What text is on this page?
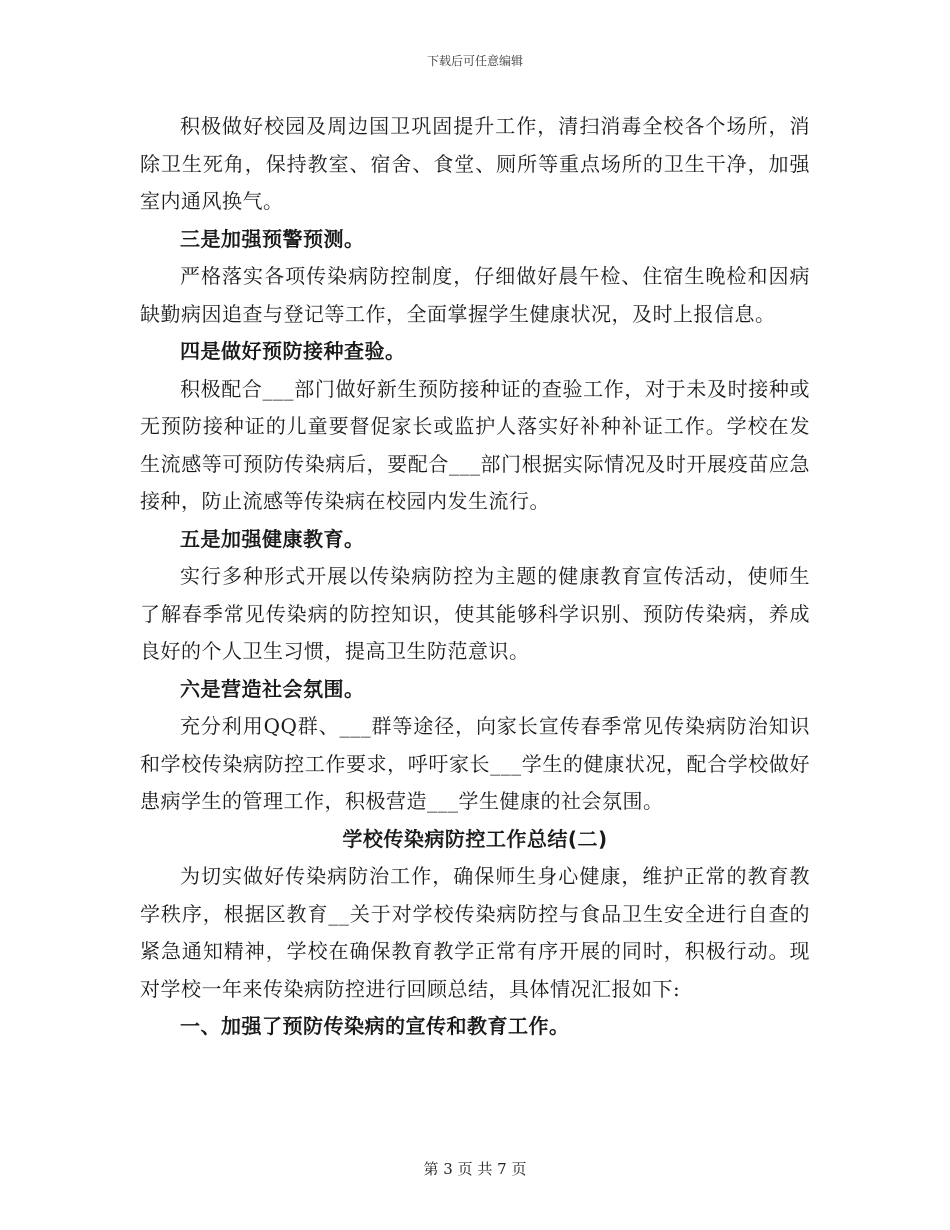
下载后可任意编辑

积极做好校园及周边国卫巩固提升工作，清扫消毒全校各个场所，消除卫生死角，保持教室、宿舍、食堂、厕所等重点场所的卫生干净，加强室内通风换气。

三是加强预警预测。

严格落实各项传染病防控制度，仔细做好晨午检、住宿生晚检和因病缺勤病因追查与登记等工作，全面掌握学生健康状况，及时上报信息。

四是做好预防接种查验。

积极配合___部门做好新生预防接种证的查验工作，对于未及时接种或无预防接种证的儿童要督促家长或监护人落实好补种补证工作。学校在发生流感等可预防传染病后，要配合___部门根据实际情况及时开展疫苗应急接种，防止流感等传染病在校园内发生流行。

五是加强健康教育。

实行多种形式开展以传染病防控为主题的健康教育宣传活动，使师生了解春季常见传染病的防控知识，使其能够科学识别、预防传染病，养成良好的个人卫生习惯，提高卫生防范意识。

六是营造社会氛围。

充分利用QQ群、___群等途径，向家长宣传春季常见传染病防治知识和学校传染病防控工作要求，呼吁家长___学生的健康状况，配合学校做好患病学生的管理工作，积极营造___学生健康的社会氛围。

学校传染病防控工作总结(二)

为切实做好传染病防治工作，确保师生身心健康，维护正常的教育教学秩序，根据区教育__关于对学校传染病防控与食品卫生安全进行自查的紧急通知精神，学校在确保教育教学正常有序开展的同时，积极行动。现对学校一年来传染病防控进行回顾总结，具体情况汇报如下:

一、加强了预防传染病的宣传和教育工作。

第 3 页 共 7 页
